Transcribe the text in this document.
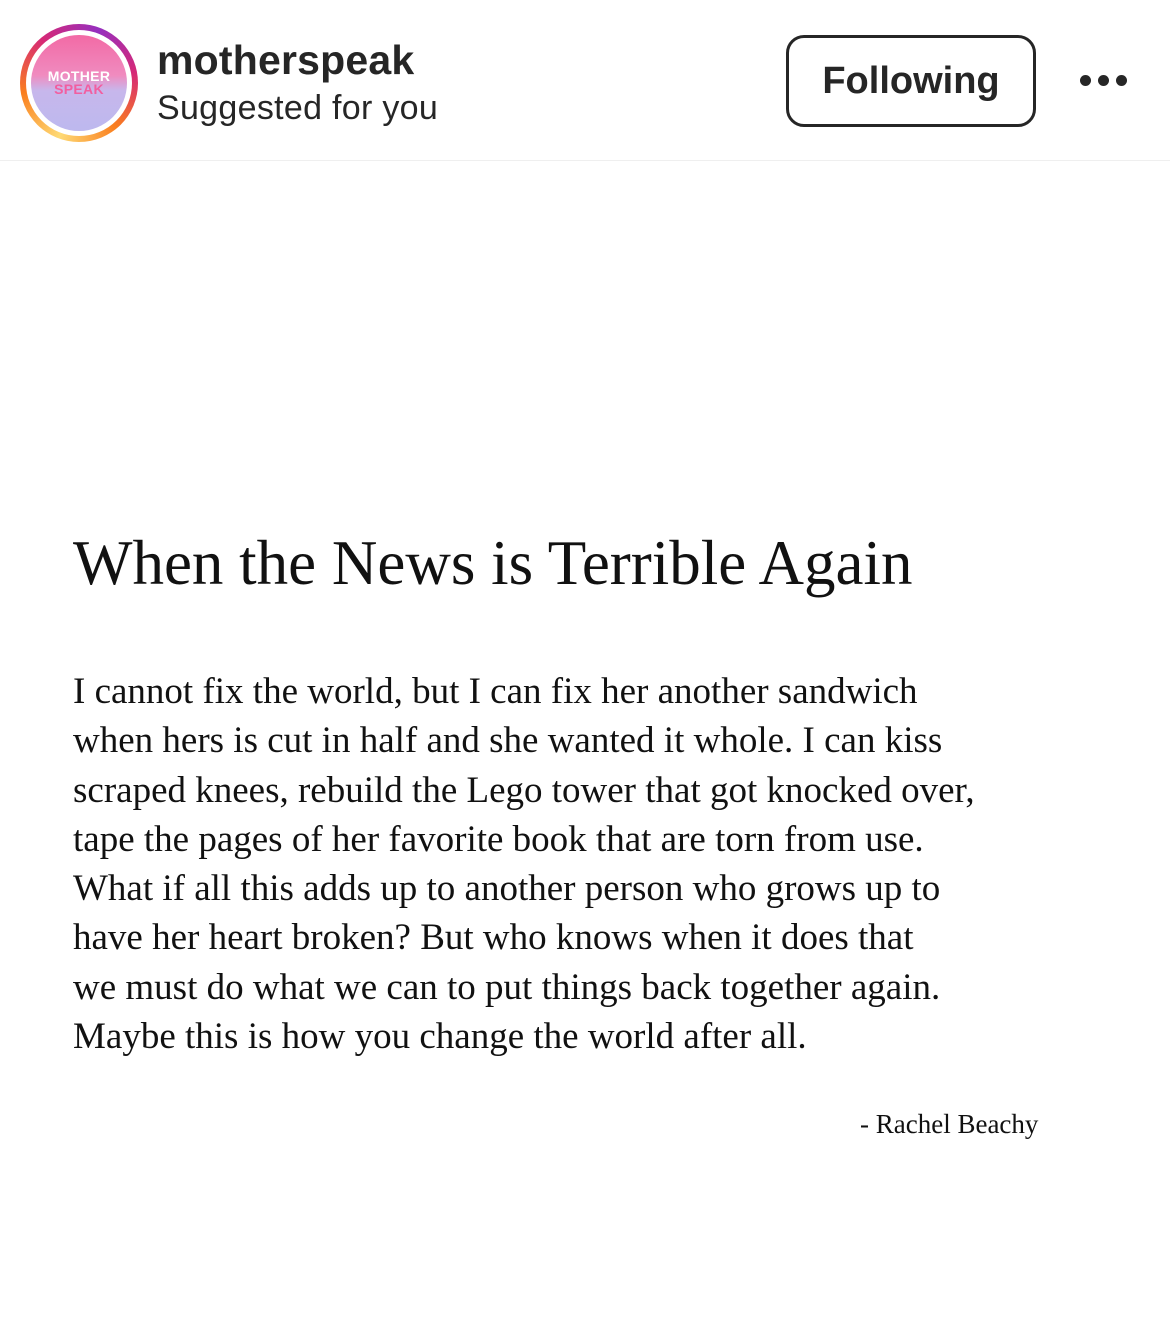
MOTHER
SPEAK
motherspeak
Suggested for you
Following
When the News is Terrible Again
I cannot fix the world, but I can fix her another sandwich
when hers is cut in half and she wanted it whole. I can kiss
scraped knees, rebuild the Lego tower that got knocked over,
tape the pages of her favorite book that are torn from use.
What if all this adds up to another person who grows up to
have her heart broken? But who knows when it does that
we must do what we can to put things back together again.
Maybe this is how you change the world after all.
- Rachel Beachy
